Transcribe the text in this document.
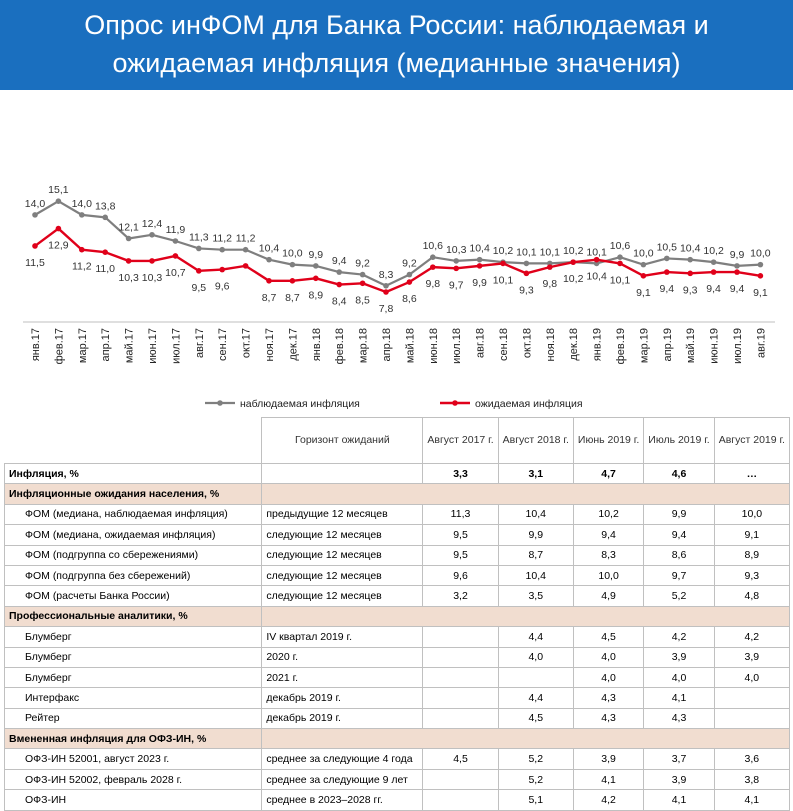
Опрос инФОМ для Банка России: наблюдаемая и
ожидаемая инфляция (медианные значения)
янв.17 фев.17 мар.17 апр.17 май.17 июн.17 июл.17 авг.17 сен.17 окт.17 ноя.17 дек.17 янв.18 фев.18 мар.18 апр.18 май.18 июн.18 июл.18 авг.18 сен.18 окт.18 ноя.18 дек.18 янв.19 фев.19 мар.19 апр.19 май.19 июн.19 июл.19 авг.19
14,0
15,1
14,0 13,8
12,1 12,4
11,9
11,3 11,2 11,2
10,4 10,0 9,9
9,4 9,2
8,3
9,2
10,6 10,3 10,4 10,2 10,1 10,1 10,2 10,1
10,6
10,0
10,5 10,4 10,2 9,9 10,0
11,5
12,9
11,2 11,0
10,3 10,3 10,7
9,5 9,6
8,7 8,7 8,9
8,4 8,5
7,8
8,6
9,8 9,7 9,9 10,1
9,3
9,8 10,2 10,4 10,1
9,1 9,4 9,3 9,4 9,4 9,1
наблюдаемая инфляция	ожидаемая инфляция
	Горизонт ожиданий	Август 2017 г.	Август 2018 г.	Июнь 2019 г.	Июль 2019 г.	Август 2019 г.
Инфляция, %		3,3	3,1	4,7	4,6	…
Инфляционные ожидания населения, %						
ФОМ (медиана, наблюдаемая инфляция)	предыдущие 12 месяцев	11,3	10,4	10,2	9,9	10,0
ФОМ (медиана, ожидаемая инфляция)	следующие 12 месяцев	9,5	9,9	9,4	9,4	9,1
ФОМ (подгруппа со сбережениями)	следующие 12 месяцев	9,5	8,7	8,3	8,6	8,9
ФОМ (подгруппа без сбережений)	следующие 12 месяцев	9,6	10,4	10,0	9,7	9,3
ФОМ (расчеты Банка России)	следующие 12 месяцев	3,2	3,5	4,9	5,2	4,8
Профессиональные аналитики, %						
Блумберг	IV квартал 2019 г.		4,4	4,5	4,2	4,2
Блумберг	2020 г.		4,0	4,0	3,9	3,9
Блумберг	2021 г.			4,0	4,0	4,0
Интерфакс	декабрь 2019 г.		4,4	4,3	4,1	
Рейтер	декабрь 2019 г.		4,5	4,3	4,3	
Вмененная инфляция для ОФЗ-ИН, %						
ОФЗ-ИН 52001, август 2023 г.	среднее за следующие 4 года	4,5	5,2	3,9	3,7	3,6
ОФЗ-ИН 52002, февраль 2028 г.	среднее за следующие 9 лет		5,2	4,1	3,9	3,8
ОФЗ-ИН	среднее в 2023–2028 гг.		5,1	4,2	4,1	4,1
